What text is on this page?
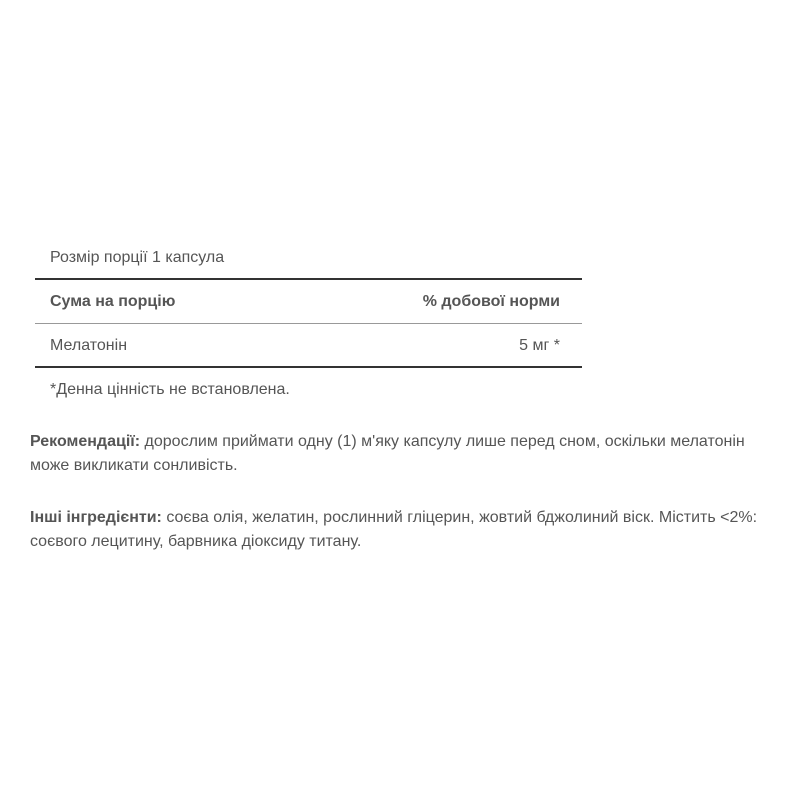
Розмір порції 1 капсула
Сума на порцію	% добової норми
Мелатонін	5 мг *
*Денна цінність не встановлена.

Рекомендації: дорослим приймати одну (1) м'яку капсулу лише перед сном, оскільки мелатонін може викликати сонливість.

Інші інгредієнти: соєва олія, желатин, рослинний гліцерин, жовтий бджолиний віск. Містить <2%: соєвого лецитину, барвника діоксиду титану.
